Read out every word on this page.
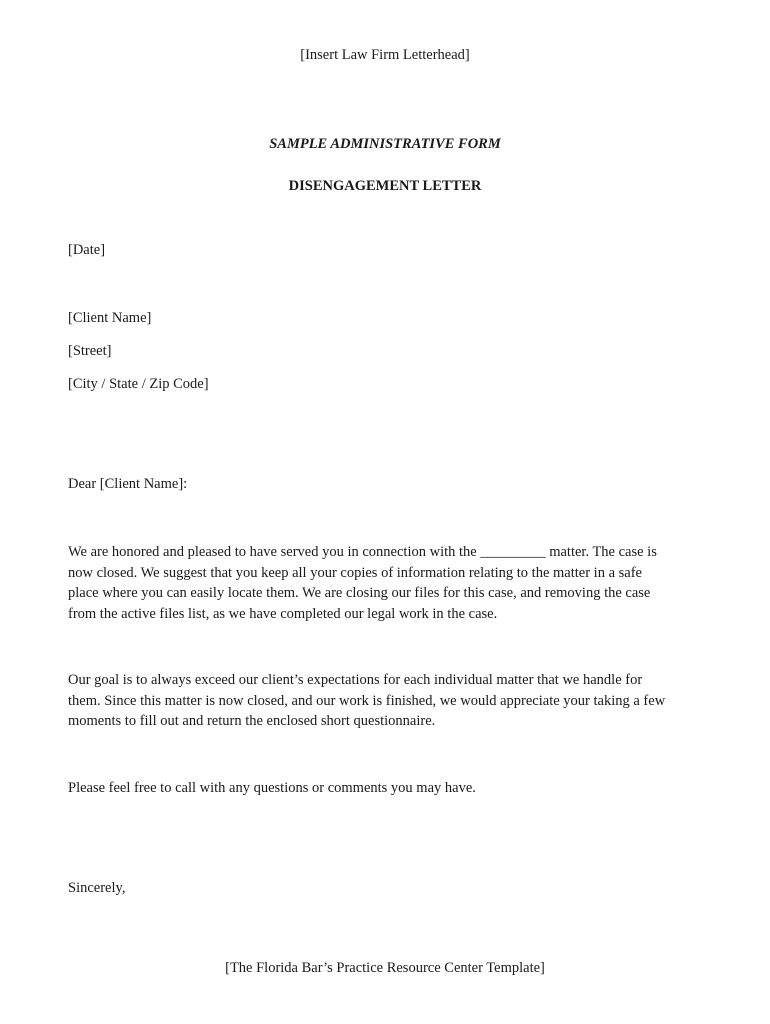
[Insert Law Firm Letterhead]
SAMPLE ADMINISTRATIVE FORM
DISENGAGEMENT LETTER
[Date]
[Client Name]
[Street]
[City / State / Zip Code]
Dear [Client Name]:
We are honored and pleased to have served you in connection with the _________ matter. The case is
now closed. We suggest that you keep all your copies of information relating to the matter in a safe
place where you can easily locate them. We are closing our files for this case, and removing the case
from the active files list, as we have completed our legal work in the case.
Our goal is to always exceed our client’s expectations for each individual matter that we handle for
them. Since this matter is now closed, and our work is finished, we would appreciate your taking a few
moments to fill out and return the enclosed short questionnaire.
Please feel free to call with any questions or comments you may have.
Sincerely,
[The Florida Bar’s Practice Resource Center Template]
